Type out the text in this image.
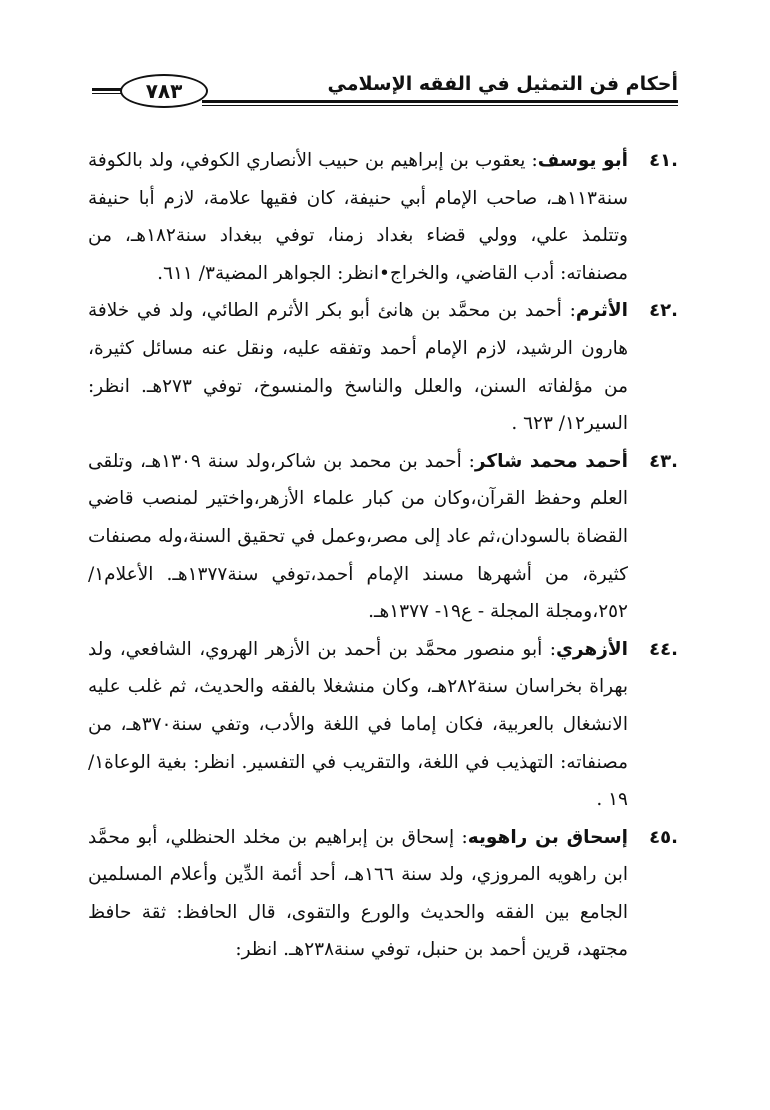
٧٨٣	أحكام فن التمثيل في الفقه الإسلامي
.٤١
أبو يوسف: يعقوب بن إبراهيم بن حبيب الأنصاري الكوفي، ولد بالكوفة سنة١١٣هـ، صاحب الإمام أبي حنيفة، كان فقيها علامة، لازم أبا حنيفة وتتلمذ علي، وولي قضاء بغداد زمنا، توفي ببغداد سنة١٨٢هـ، من مصنفاته: أدب القاضي، والخراج•انظر: الجواهر المضية٣/ ٦١١.
.٤٢
الأثرم: أحمد بن محمَّد بن هانئ أبو بكر الأثرم الطائي، ولد في خلافة هارون الرشيد، لازم الإمام أحمد وتفقه عليه، ونقل عنه مسائل كثيرة، من مؤلفاته السنن، والعلل والناسخ والمنسوخ، توفي ٢٧٣هـ. انظر: السير١٢/ ٦٢٣ .
.٤٣
أحمد محمد شاكر: أحمد بن محمد بن شاكر،ولد سنة ١٣٠٩هـ، وتلقى العلم وحفظ القرآن،وكان من كبار علماء الأزهر،واختير لمنصب قاضي القضاة بالسودان،ثم عاد إلى مصر،وعمل في تحقيق السنة،وله مصنفات كثيرة، من أشهرها مسند الإمام أحمد،توفي سنة١٣٧٧هـ. الأعلام١/ ٢٥٢،ومجلة المجلة - ع١٩- ١٣٧٧هـ.
.٤٤
الأزهري: أبو منصور محمَّد بن أحمد بن الأزهر الهروي، الشافعي، ولد بهراة بخراسان سنة٢٨٢هـ، وكان منشغلا بالفقه والحديث، ثم غلب عليه الانشغال بالعربية، فكان إماما في اللغة والأدب، وتفي سنة٣٧٠هـ، من مصنفاته: التهذيب في اللغة، والتقريب في التفسير. انظر: بغية الوعاة١/ ١٩ .
.٤٥
إسحاق بن راهويه: إسحاق بن إبراهيم بن مخلد الحنظلي، أبو محمَّد ابن راهويه المروزي، ولد سنة ١٦٦هـ، أحد أئمة الدِّين وأعلام المسلمين الجامع بين الفقه والحديث والورع والتقوى، قال الحافظ: ثقة حافظ مجتهد، قرين أحمد بن حنبل، توفي سنة٢٣٨هـ. انظر:
